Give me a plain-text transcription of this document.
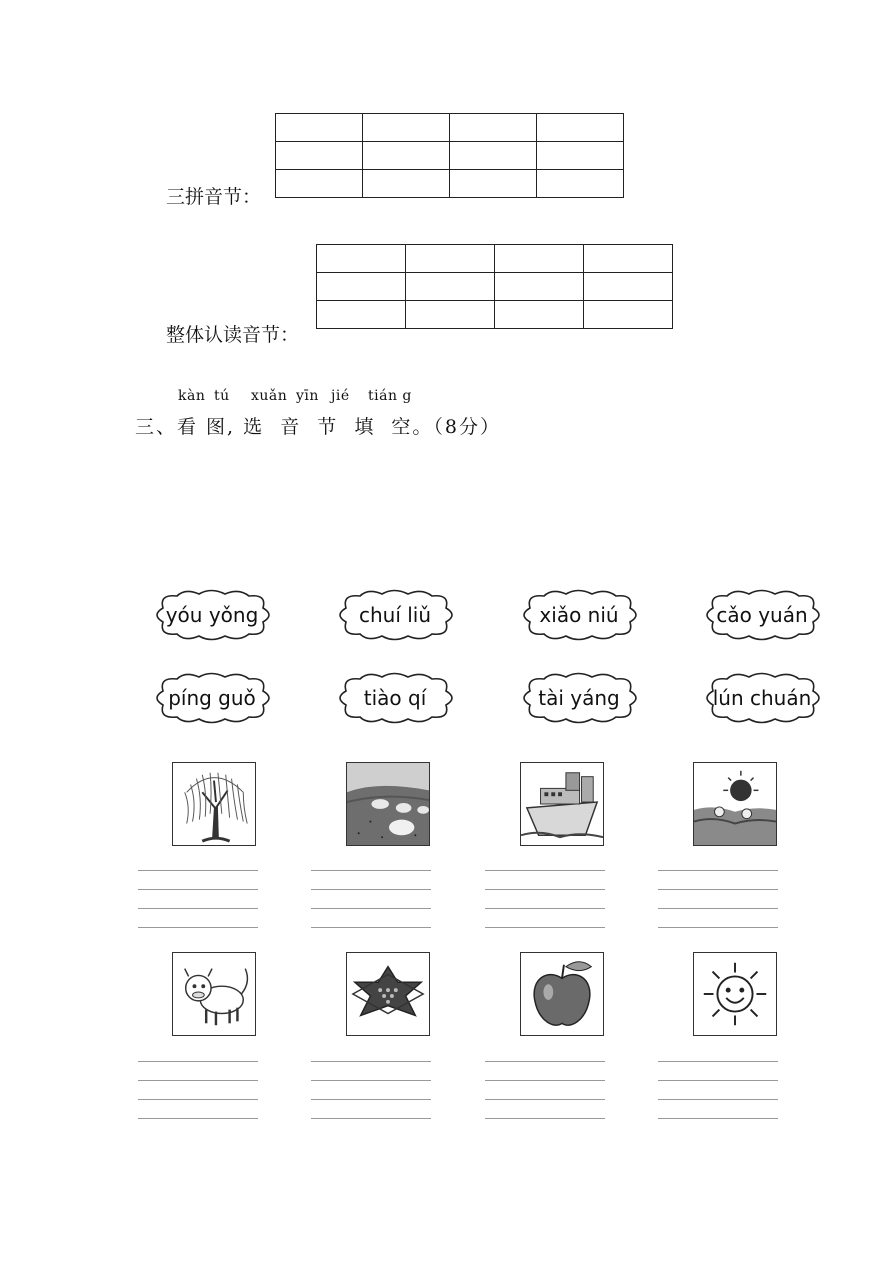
三拼音节：

整体认读音节：

kàn tú xuǎn yīn jié tián g
三、看 图, 选  音  节  填  空。（8分）
yóu yǒng	chuí liǔ	xiǎo niú	cǎo yuán
píng guǒ	tiào qí	tài yáng	lún chuán
